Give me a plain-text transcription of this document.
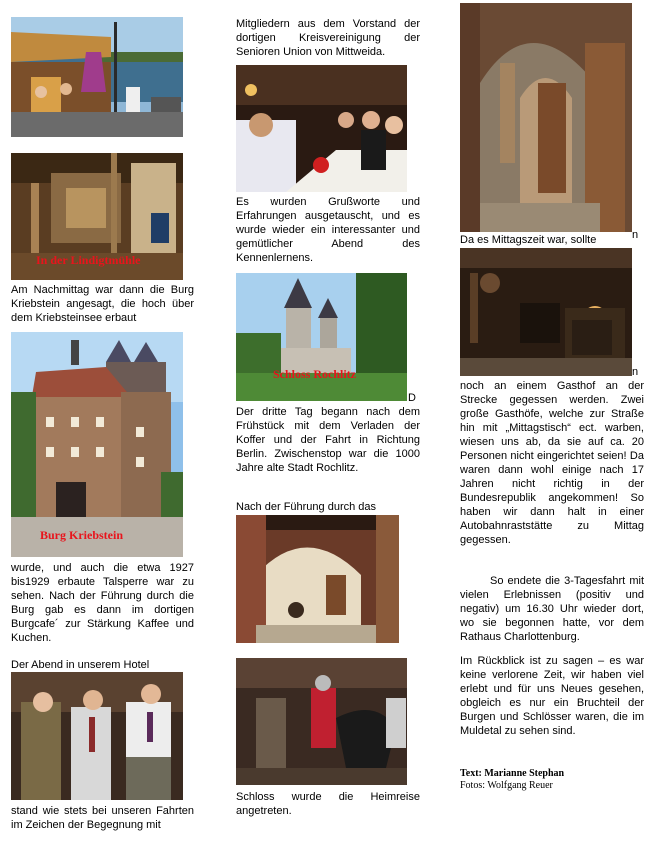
In der Lindigtmühle

Am Nachmittag war dann die Burg Kriebstein angesagt, die hoch über dem Kriebsteinsee erbaut

Burg Kriebstein

wurde, und auch die etwa 1927 bis1929 erbaute Talsperre war zu sehen. Nach der Führung durch die Burg gab es dann im dortigen Burgcafe´ zur Stärkung Kaffee und Kuchen.

Der Abend in unserem Hotel

stand wie stets bei unseren Fahrten im Zeichen der Begegnung mit

Mitgliedern aus dem Vorstand der dortigen Kreisvereinigung der Senioren Union von Mittweida.

Es wurden Grußworte und Erfahrungen ausgetauscht, und es wurde wieder ein interessanter und gemütlicher Abend des Kennenlernens.

Schloss Rochlitz
D

Der dritte Tag begann nach dem Frühstück mit dem Verladen der Koffer und der Fahrt in Richtung Berlin. Zwischenstop war die 1000 Jahre alte Stadt Rochlitz.

Nach der Führung durch das

Schloss wurde die Heimreise angetreten.

n

Da es Mittagszeit war, sollte

n

noch an einem Gasthof an der Strecke gegessen werden. Zwei große Gasthöfe, welche zur Straße hin mit „Mittagstisch“ ect. warben, wiesen uns ab, da sie auf ca. 20 Personen nicht eingerichtet seien! Da waren dann wohl einige nach 17 Jahren nicht richtig in der Bundesrepublik angekommen! So haben wir dann halt in einer Autobahnraststätte zu Mittag gegessen.

So endete die 3-Tagesfahrt mit vielen Erlebnissen (positiv und negativ) um 16.30 Uhr wieder dort, wo sie begonnen hatte, vor dem Rathaus Charlottenburg.

Im Rückblick ist zu sagen – es war keine verlorene Zeit, wir haben viel erlebt und für uns Neues gesehen, obgleich es nur ein Bruchteil der Burgen und Schlösser waren, die im Muldetal zu sehen sind.

Text: Marianne Stephan
Fotos: Wolfgang Reuer
